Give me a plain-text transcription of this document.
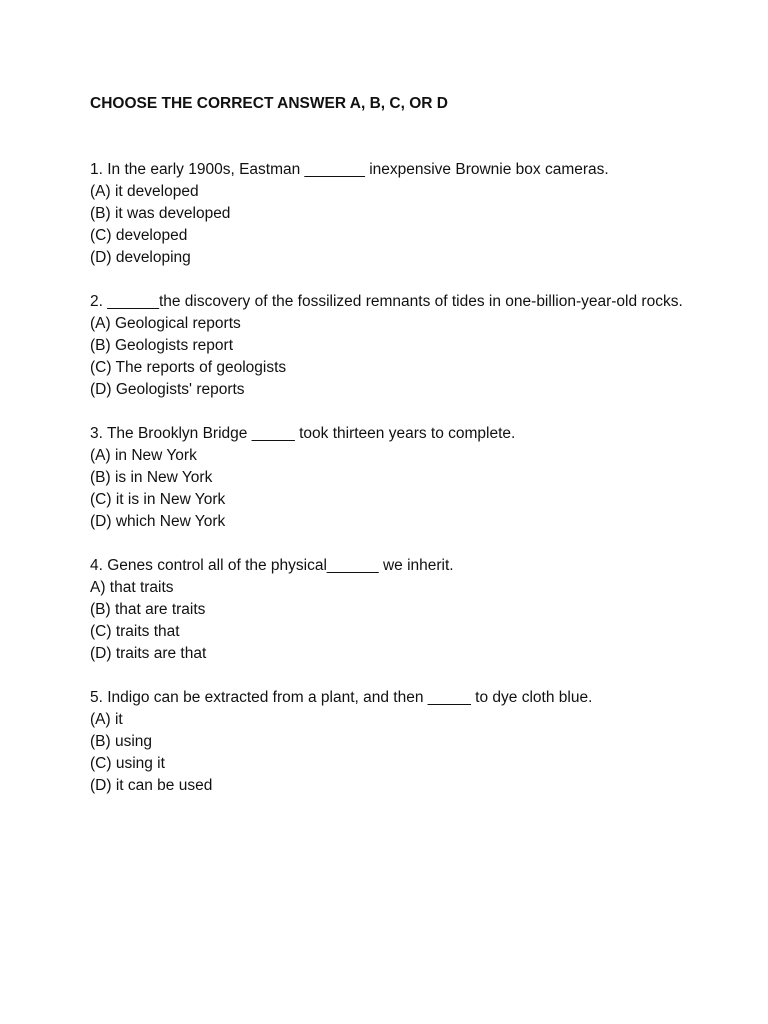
CHOOSE THE CORRECT ANSWER A, B, C, OR D

1. In the early 1900s, Eastman _______ inexpensive Brownie box cameras.

(A) it developed

(B) it was developed

(C) developed

(D) developing

2. ______the discovery of the fossilized remnants of tides in one-billion-year-old rocks.

(A) Geological reports

(B) Geologists report

(C) The reports of geologists

(D) Geologists' reports

3. The Brooklyn Bridge _____ took thirteen years to complete.

(A) in New York

(B) is in New York

(C) it is in New York

(D) which New York

4. Genes control all of the physical______ we inherit.

A) that traits

(B) that are traits

(C) traits that

(D) traits are that

5. Indigo can be extracted from a plant, and then _____ to dye cloth blue.

(A) it

(B) using

(C) using it

(D) it can be used
